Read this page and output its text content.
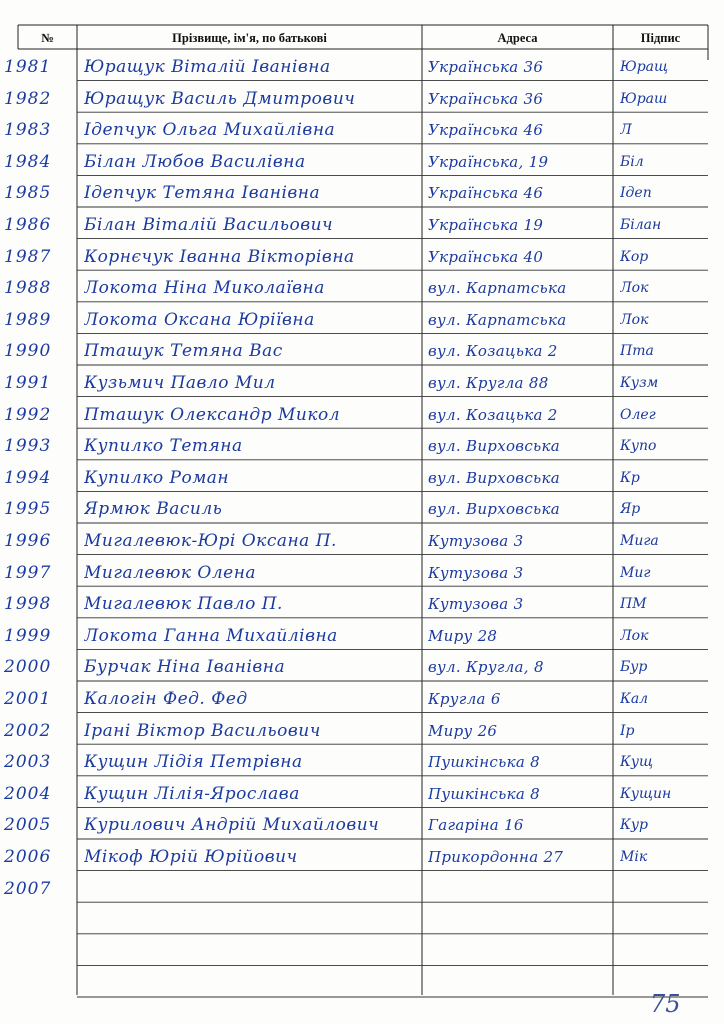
№	Прізвище, ім'я, по батькові	Адреса	Підпис
1981	Юращук Віталій Іванівна	Українська 36	Юращ
1982	Юращук Василь Дмитрович	Українська 36	Юраш
1983	Ідепчук Ольга Михайлівна	Українська 46	Л
1984	Білан Любов Василівна	Українська, 19	Біл
1985	Ідепчук Тетяна Іванівна	Українська 46	Ідеп
1986	Білан Віталій Васильович	Українська 19	Білан
1987	Корнєчук Іванна Вікторівна	Українська 40	Кор
1988	Локота Ніна Миколаївна	вул. Карпатська	Лок
1989	Локота Оксана Юріївна	вул. Карпатська	Лок
1990	Пташук Тетяна Вас	вул. Козацька 2	Пта
1991	Кузьмич Павло Мил	вул. Кругла 88	Кузм
1992	Пташук Олександр Микол	вул. Козацька 2	Олег
1993	Купилко Тетяна	вул. Вирховська	Купо
1994	Купилко Роман	вул. Вирховська	Кр
1995	Ярмюк Василь	вул. Вирховська	Яр
1996	Мигалевюк-Юрі Оксана П.	Кутузова 3	Мига
1997	Мигалевюк Олена	Кутузова 3	Миг
1998	Мигалевюк Павло П.	Кутузова 3	ПМ
1999	Локота Ганна Михайлівна	Миру 28	Лок
2000	Бурчак Ніна Іванівна	вул. Кругла, 8	Бур
2001	Калогін Фед. Фед	Кругла 6	Кал
2002	Ірані Віктор Васильович	Миру 26	Ір
2003	Кущин Лідія Петрівна	Пушкінська 8	Кущ
2004	Кущин Лілія-Ярослава	Пушкінська 8	Кущин
2005	Курилович Андрій Михайлович	Гагаріна 16	Кур
2006	Мікоф Юрій Юрійович	Прикордонна 27	Мік
2007
75
